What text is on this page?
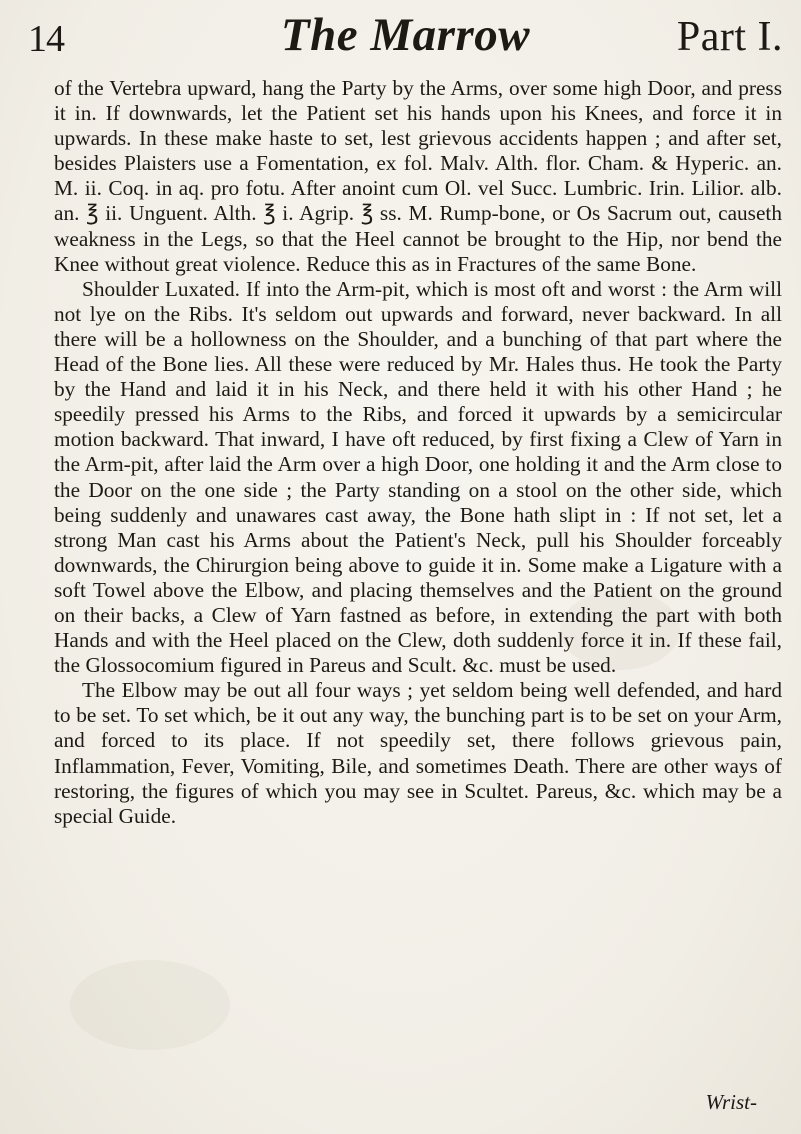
14	The Marrow	Part I.

of the Vertebra upward, hang the Party by the Arms, over some high Door, and press it in. If downwards, let the Patient set his hands upon his Knees, and force it in upwards. In these make haste to set, lest grievous accidents happen ; and after set, besides Plaisters use a Fomentation, ex fol. Malv. Alth. flor. Cham. & Hyperic. an. M. ii. Coq. in aq. pro fotu. After anoint cum Ol. vel Succ. Lumbric. Irin. Lilior. alb. an. ℥ ii. Unguent. Alth. ℥ i. Agrip. ℥ ss. M. Rump-bone, or Os Sacrum out, causeth weakness in the Legs, so that the Heel cannot be brought to the Hip, nor bend the Knee without great violence. Reduce this as in Fractures of the same Bone.

Shoulder Luxated. If into the Arm-pit, which is most oft and worst : the Arm will not lye on the Ribs. It's seldom out upwards and forward, never backward. In all there will be a hollowness on the Shoulder, and a bunching of that part where the Head of the Bone lies. All these were reduced by Mr. Hales thus. He took the Party by the Hand and laid it in his Neck, and there held it with his other Hand ; he speedily pressed his Arms to the Ribs, and forced it upwards by a semicircular motion backward. That inward, I have oft reduced, by first fixing a Clew of Yarn in the Arm-pit, after laid the Arm over a high Door, one holding it and the Arm close to the Door on the one side ; the Party standing on a stool on the other side, which being suddenly and unawares cast away, the Bone hath slipt in : If not set, let a strong Man cast his Arms about the Patient's Neck, pull his Shoulder forceably downwards, the Chirurgion being above to guide it in. Some make a Ligature with a soft Towel above the Elbow, and placing themselves and the Patient on the ground on their backs, a Clew of Yarn fastned as before, in extending the part with both Hands and with the Heel placed on the Clew, doth suddenly force it in. If these fail, the Glossocomium figured in Pareus and Scult. &c. must be used.

The Elbow may be out all four ways ; yet seldom being well defended, and hard to be set. To set which, be it out any way, the bunching part is to be set on your Arm, and forced to its place. If not speedily set, there follows grievous pain, Inflammation, Fever, Vomiting, Bile, and sometimes Death. There are other ways of restoring, the figures of which you may see in Scultet. Pareus, &c. which may be a special Guide.

Wrist-
